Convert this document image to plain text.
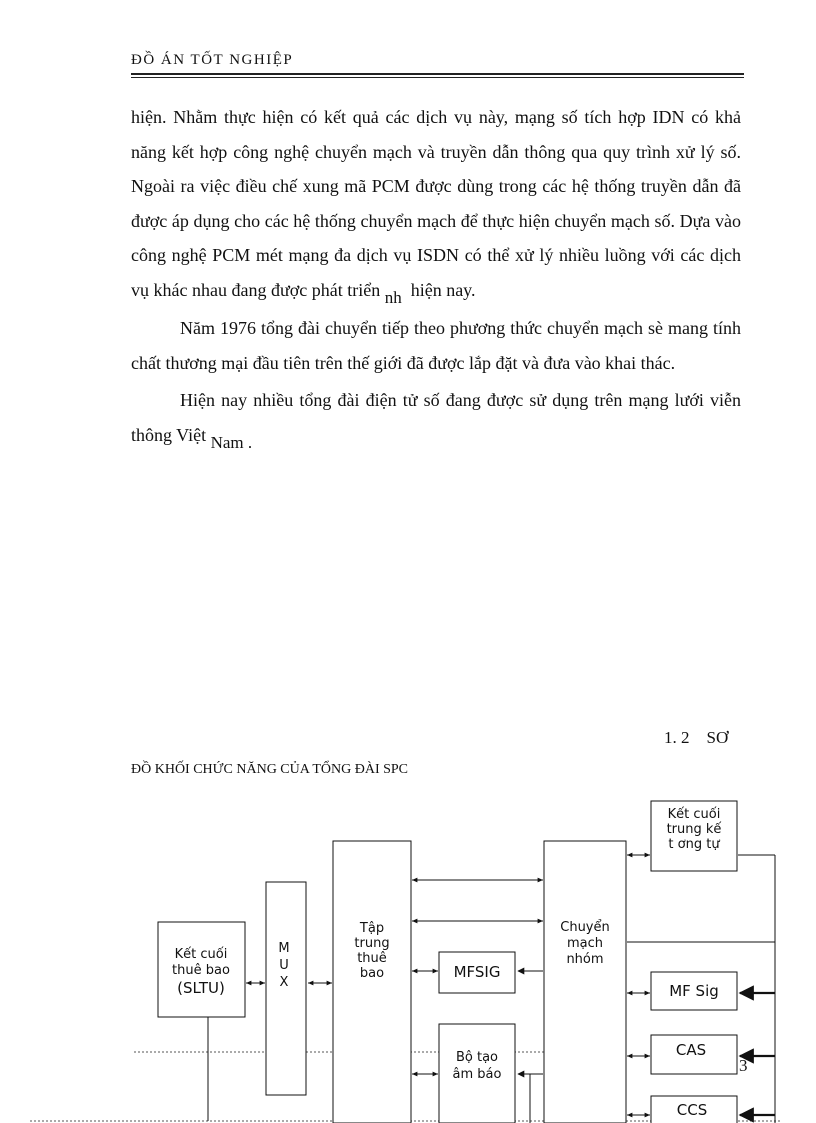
ĐỒ ÁN TỐT NGHIỆP

hiện. Nhằm thực hiện có kết quả các dịch vụ này, mạng số tích hợp IDN có khả năng kết hợp công nghệ chuyển mạch và truyền dẫn thông qua quy trình xử lý số. Ngoài ra việc điều chế xung mã PCM được dùng trong các hệ thống truyền dẫn đã được áp dụng cho các hệ thống chuyển mạch để thực hiện chuyển mạch số. Dựa vào công nghệ PCM mét mạng đa dịch vụ ISDN có thể xử lý nhiều luồng với các dịch vụ khác nhau đang được phát triển nh hiện nay.

Năm 1976 tổng đài chuyển tiếp theo phương thức chuyển mạch sè mang tính chất thương mại đầu tiên trên thế giới đã được lắp đặt và đưa vào khai thác.

Hiện nay nhiều tổng đài điện tử số đang được sử dụng trên mạng lưới viễn thông Việt Nam .

1. 2 SƠ
ĐỒ KHỐI CHỨC NĂNG CỦA TỔNG ĐÀI SPC
Kết cuối
thuê bao
(SLTU)
M
U
X
Tập
trung
thuê
bao	MFSIG
Bộ tạo
âm báo
Chuyển
mạch
nhóm
Kết cuối
trung kế
t ơng tự
MF Sig
CAS
CCS
3
